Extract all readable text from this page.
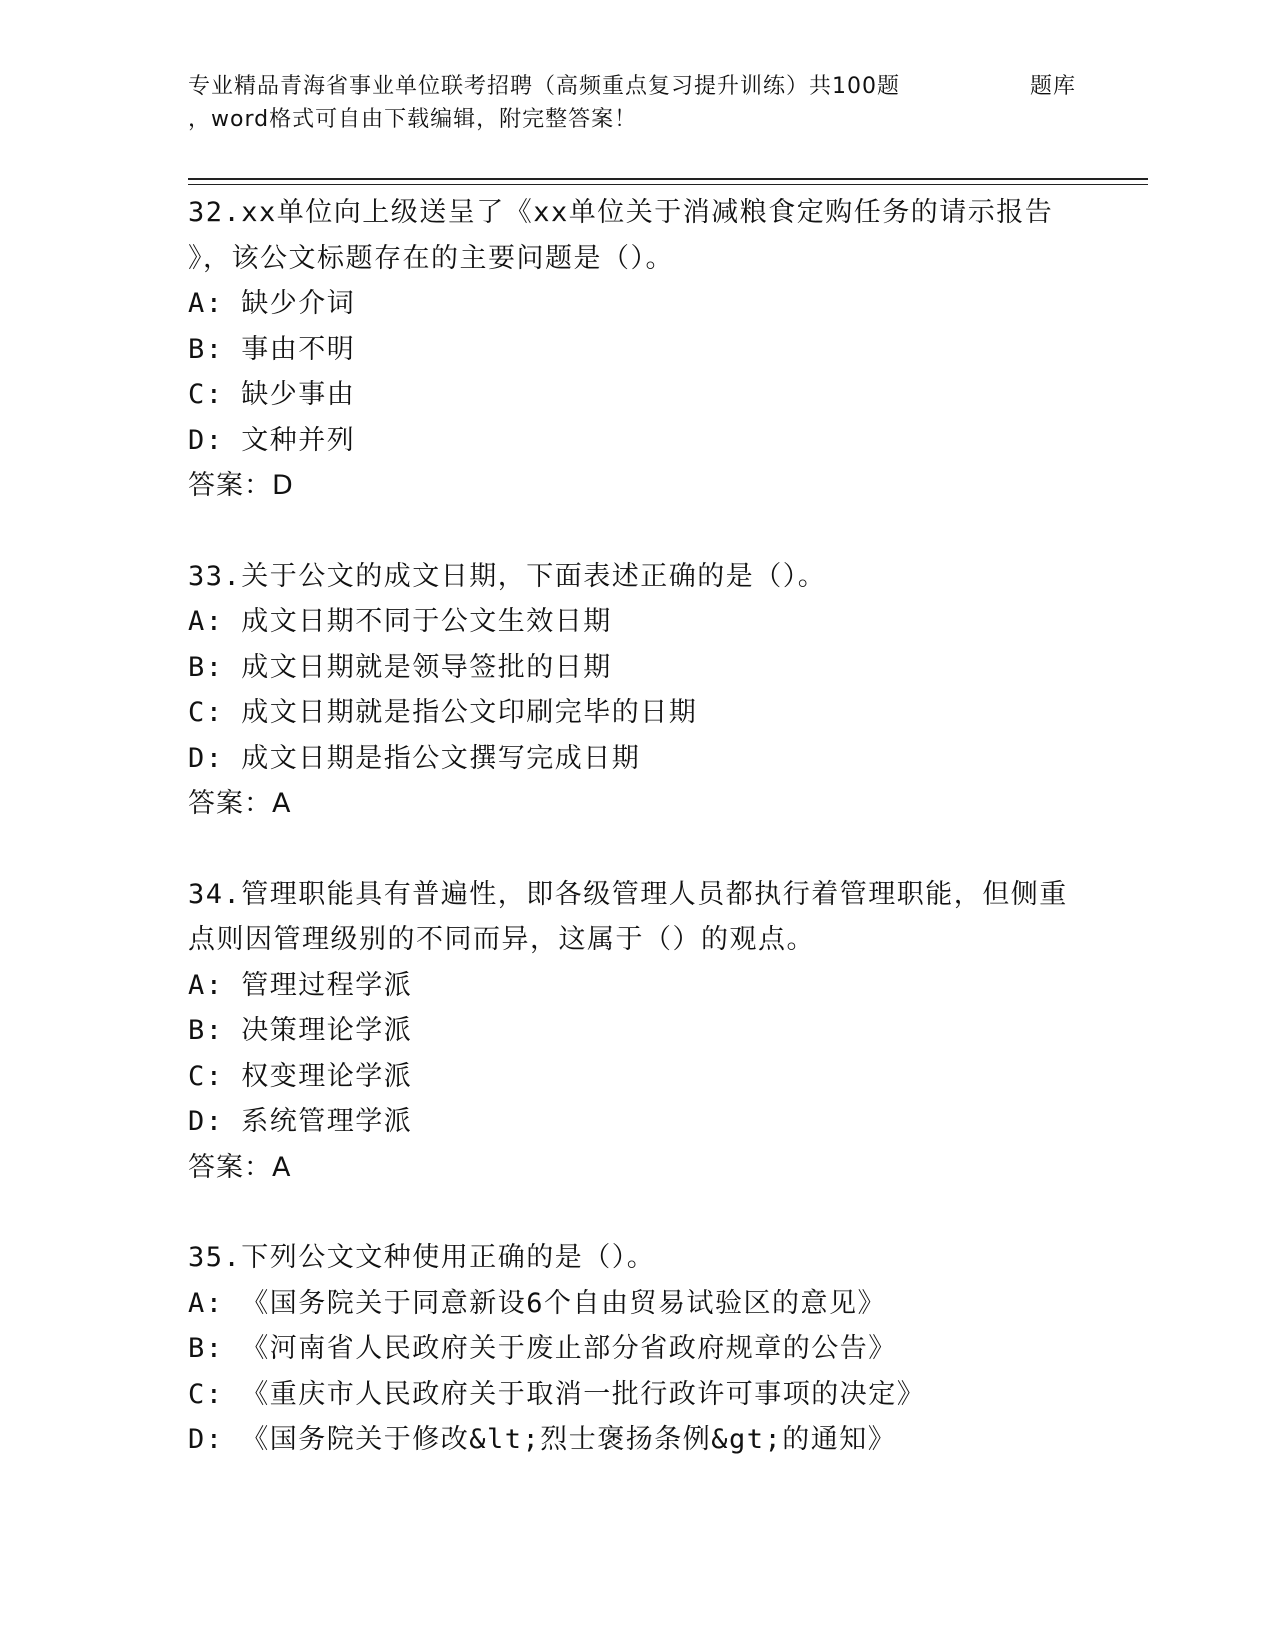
专业精品青海省事业单位联考招聘（高频重点复习提升训练）共100题	题库
，word格式可自由下载编辑，附完整答案！
32.xx单位向上级送呈了《xx单位关于消减粮食定购任务的请示报告
》，该公文标题存在的主要问题是（）。
A: 缺少介词
B: 事由不明
C: 缺少事由
D: 文种并列
答案：D
33.关于公文的成文日期，下面表述正确的是（）。
A: 成文日期不同于公文生效日期
B: 成文日期就是领导签批的日期
C: 成文日期就是指公文印刷完毕的日期
D: 成文日期是指公文撰写完成日期
答案：A
34.管理职能具有普遍性，即各级管理人员都执行着管理职能，但侧重
点则因管理级别的不同而异，这属于（）的观点。
A: 管理过程学派
B: 决策理论学派
C: 权变理论学派
D: 系统管理学派
答案：A
35.下列公文文种使用正确的是（）。
A: 《国务院关于同意新设6个自由贸易试验区的意见》
B: 《河南省人民政府关于废止部分省政府规章的公告》
C: 《重庆市人民政府关于取消一批行政许可事项的决定》
D: 《国务院关于修改&lt;烈士褒扬条例&gt;的通知》
